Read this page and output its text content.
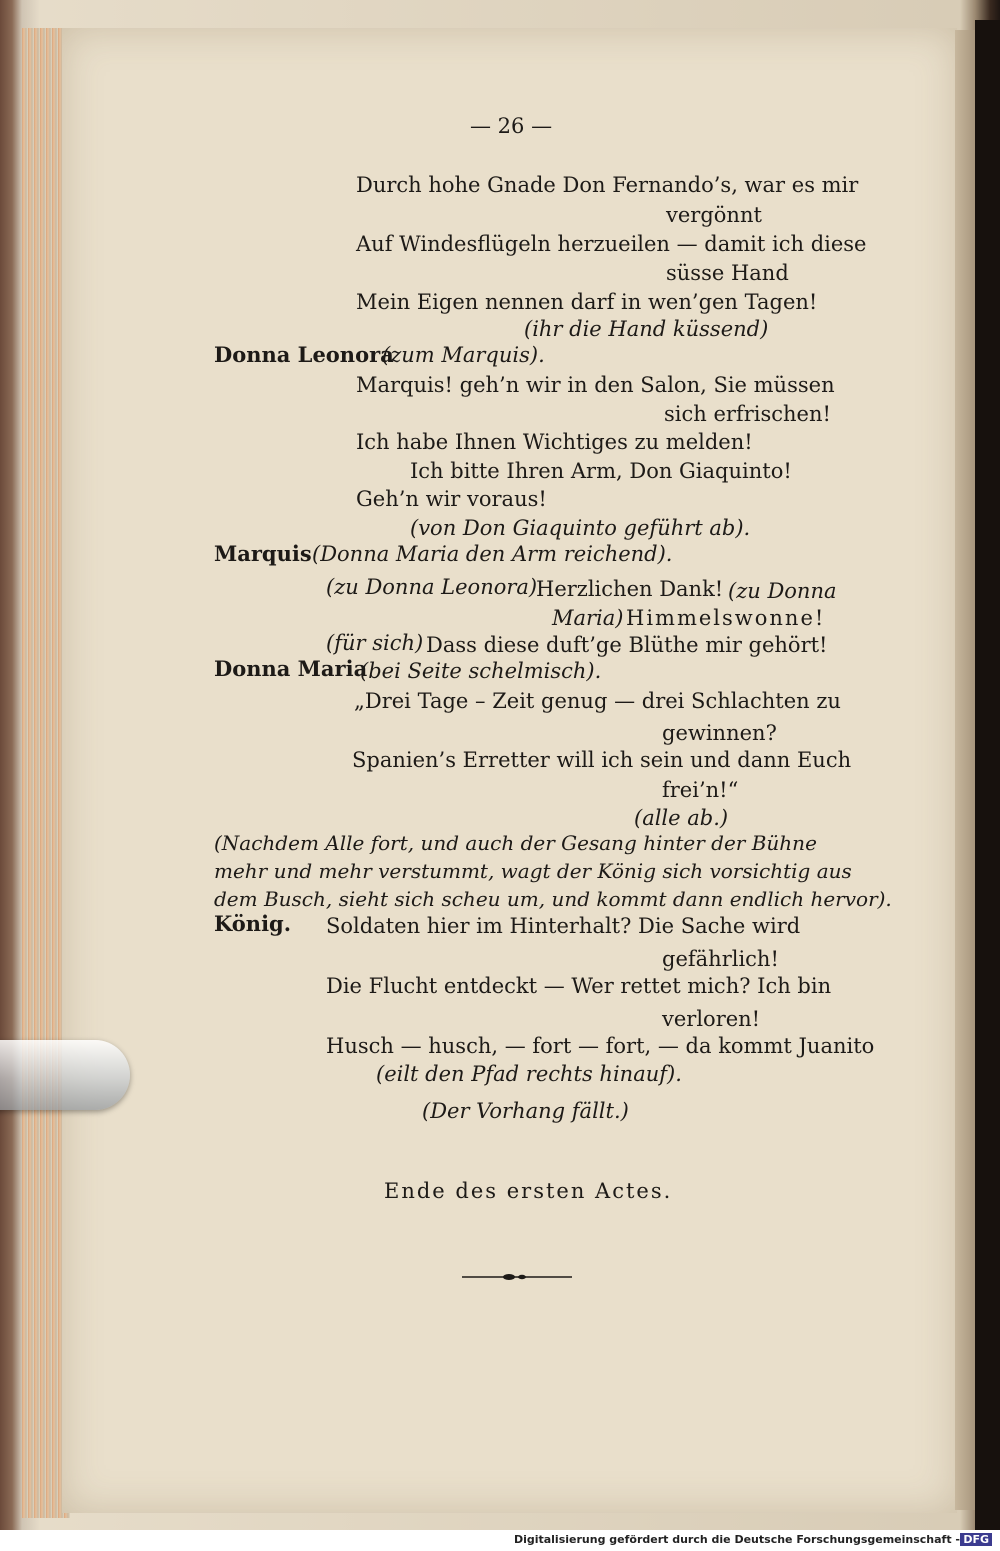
— 26 —
Durch hohe Gnade Don Fernando’s, war es mir
vergönnt
Auf Windesflügeln herzueilen — damit ich diese
süsse Hand
Mein Eigen nennen darf in wen’gen Tagen!
(ihr die Hand küssend)
Donna Leonora
(zum Marquis).
Marquis! geh’n wir in den Salon, Sie müssen
sich erfrischen!
Ich habe Ihnen Wichtiges zu melden!
Ich bitte Ihren Arm, Don Giaquinto!
Geh’n wir voraus!
(von Don Giaquinto geführt ab).
Marquis (Donna Maria den Arm reichend).
(zu Donna Leonora)
Herzlichen Dank! (zu Donna
Maria) Himmelswonne!
(für sich) Dass diese duft’ge Blüthe mir gehört!
Donna Maria
(bei Seite schelmisch).
„Drei Tage – Zeit genug — drei Schlachten zu
gewinnen?
Spanien’s Erretter will ich sein und dann Euch
frei’n!“
(alle ab.)
(Nachdem Alle fort, und auch der Gesang hinter der Bühne
mehr und mehr verstummt, wagt der König sich vorsichtig aus
dem Busch, sieht sich scheu um, und kommt dann endlich hervor).
König. Soldaten hier im Hinterhalt? Die Sache wird
gefährlich!
Die Flucht entdeckt — Wer rettet mich? Ich bin
verloren!
Husch — husch, — fort — fort, — da kommt Juanito
(eilt den Pfad rechts hinauf).
(Der Vorhang fällt.)
Ende des ersten Actes.
Digitalisierung gefördert durch die Deutsche Forschungsgemeinschaft - DFG
